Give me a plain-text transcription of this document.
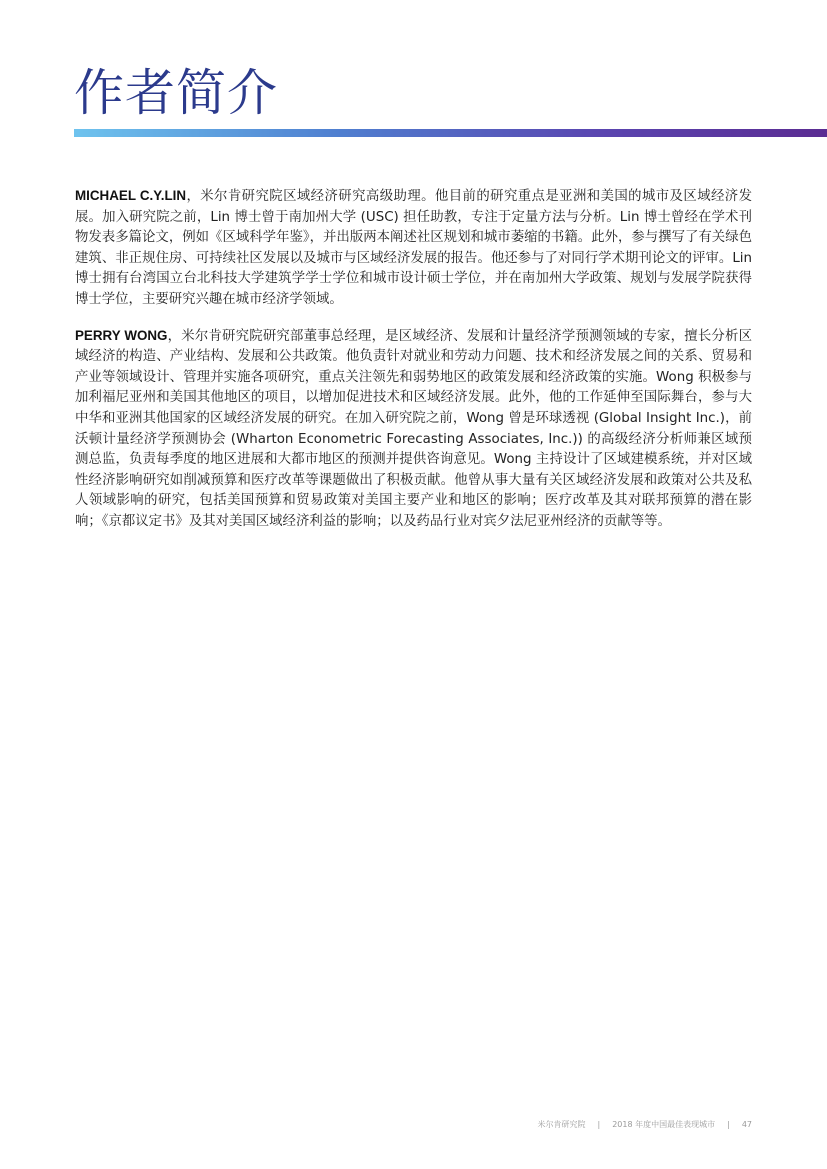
作者简介

MICHAEL C.Y.LIN，米尔肯研究院区域经济研究高级助理。他目前的研究重点是亚洲和美国的城市及区域经济发展。加入研究院之前，Lin 博士曾于南加州大学 (USC) 担任助教，专注于定量方法与分析。Lin 博士曾经在学术刊物发表多篇论文，例如《区域科学年鉴》，并出版两本阐述社区规划和城市萎缩的书籍。此外，参与撰写了有关绿色建筑、非正规住房、可持续社区发展以及城市与区域经济发展的报告。他还参与了对同行学术期刊论文的评审。Lin 博士拥有台湾国立台北科技大学建筑学学士学位和城市设计硕士学位，并在南加州大学政策、规划与发展学院获得博士学位，主要研究兴趣在城市经济学领域。

PERRY WONG，米尔肯研究院研究部董事总经理，是区域经济、发展和计量经济学预测领域的专家，擅长分析区域经济的构造、产业结构、发展和公共政策。他负责针对就业和劳动力问题、技术和经济发展之间的关系、贸易和产业等领域设计、管理并实施各项研究，重点关注领先和弱势地区的政策发展和经济政策的实施。Wong 积极参与加利福尼亚州和美国其他地区的项目，以增加促进技术和区域经济发展。此外，他的工作延伸至国际舞台，参与大中华和亚洲其他国家的区域经济发展的研究。在加入研究院之前，Wong 曾是环球透视 (Global Insight Inc.)，前沃顿计量经济学预测协会 (Wharton Econometric Forecasting Associates, Inc.)) 的高级经济分析师兼区域预测总监，负责每季度的地区进展和大都市地区的预测并提供咨询意见。Wong 主持设计了区域建模系统，并对区域性经济影响研究如削减预算和医疗改革等课题做出了积极贡献。他曾从事大量有关区域经济发展和政策对公共及私人领域影响的研究，包括美国预算和贸易政策对美国主要产业和地区的影响；医疗改革及其对联邦预算的潜在影响；《京都议定书》及其对美国区域经济利益的影响；以及药品行业对宾夕法尼亚州经济的贡献等等。

米尔肯研究院 | 2018 年度中国最佳表现城市 | 47
